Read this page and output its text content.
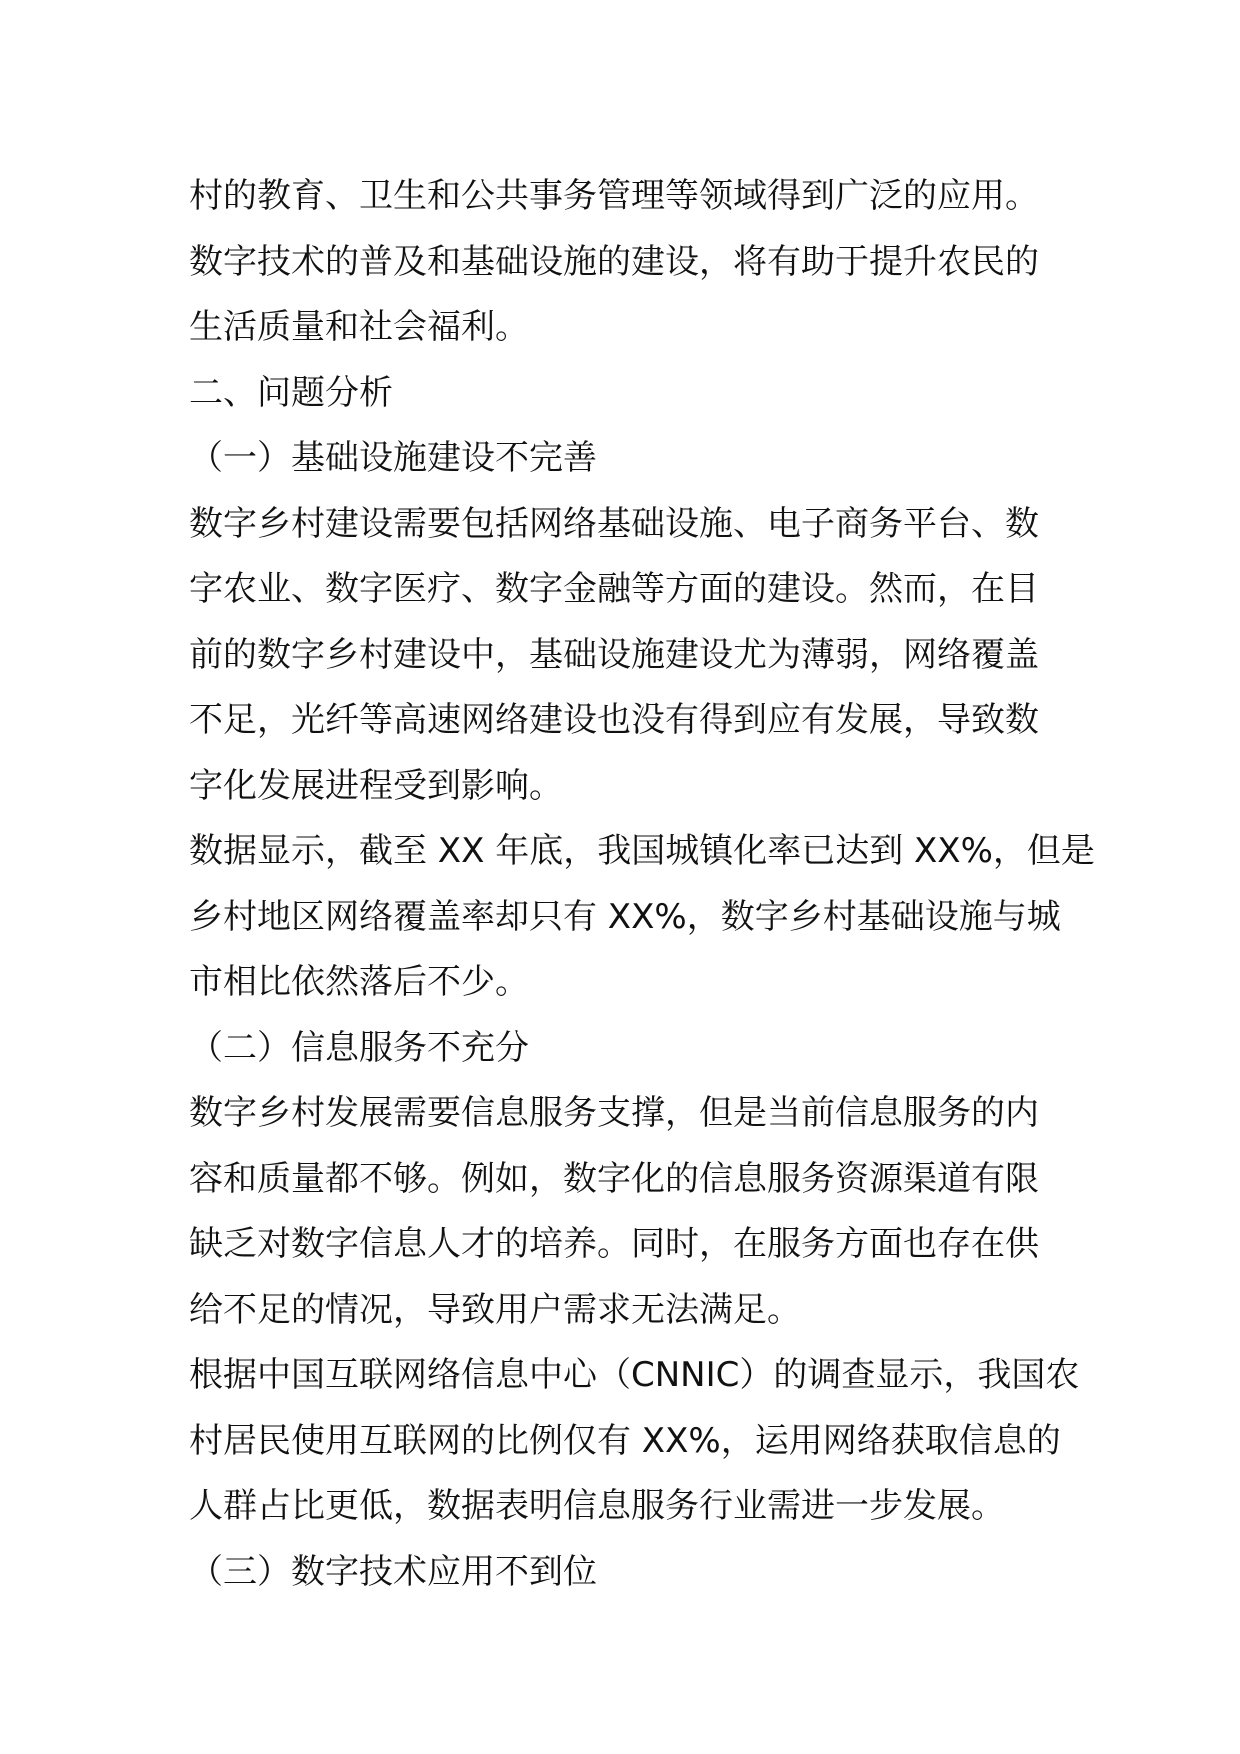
村的教育、卫生和公共事务管理等领域得到广泛的应用。
数字技术的普及和基础设施的建设，将有助于提升农民的
生活质量和社会福利。
二、问题分析
（一）基础设施建设不完善
数字乡村建设需要包括网络基础设施、电子商务平台、数
字农业、数字医疗、数字金融等方面的建设。然而，在目
前的数字乡村建设中，基础设施建设尤为薄弱，网络覆盖
不足，光纤等高速网络建设也没有得到应有发展，导致数
字化发展进程受到影响。
数据显示，截至 XX 年底，我国城镇化率已达到 XX%，但是
乡村地区网络覆盖率却只有 XX%，数字乡村基础设施与城
市相比依然落后不少。
（二）信息服务不充分
数字乡村发展需要信息服务支撑，但是当前信息服务的内
容和质量都不够。例如，数字化的信息服务资源渠道有限
缺乏对数字信息人才的培养。同时，在服务方面也存在供
给不足的情况，导致用户需求无法满足。
根据中国互联网络信息中心（CNNIC）的调查显示，我国农
村居民使用互联网的比例仅有 XX%，运用网络获取信息的
人群占比更低，数据表明信息服务行业需进一步发展。
（三）数字技术应用不到位
